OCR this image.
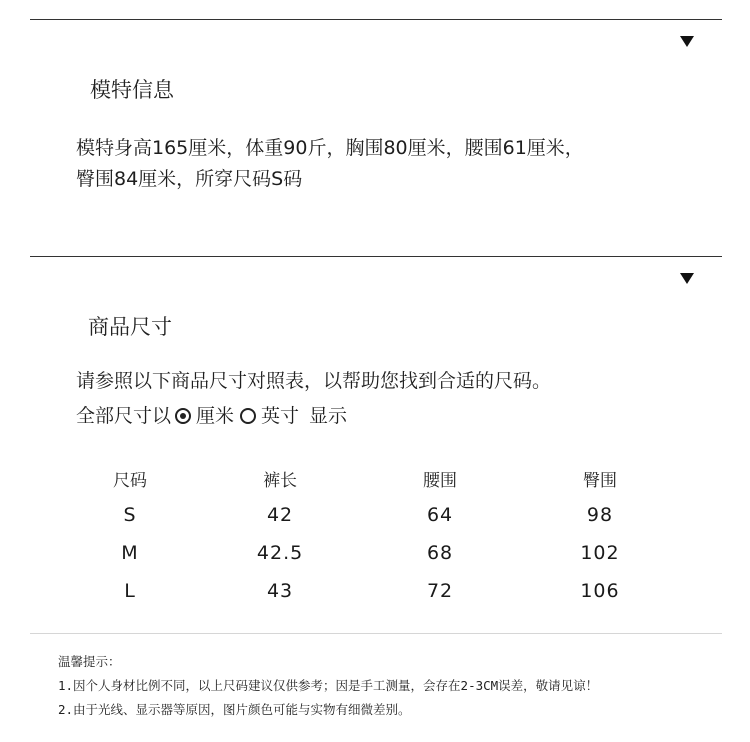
模特信息
模特身高165厘米，体重90斤，胸围80厘米，腰围61厘米，
臀围84厘米，所穿尺码S码
商品尺寸
请参照以下商品尺寸对照表，以帮助您找到合适的尺码。
全部尺寸以 厘米 英寸 显示
尺码	裤长	腰围	臀围
S	42	64	98
M	42.5	68	102
L	43	72	106
温馨提示：
1.因个人身材比例不同，以上尺码建议仅供参考；因是手工测量，会存在2-3CM误差，敬请见谅！
2.由于光线、显示器等原因，图片颜色可能与实物有细微差别。
